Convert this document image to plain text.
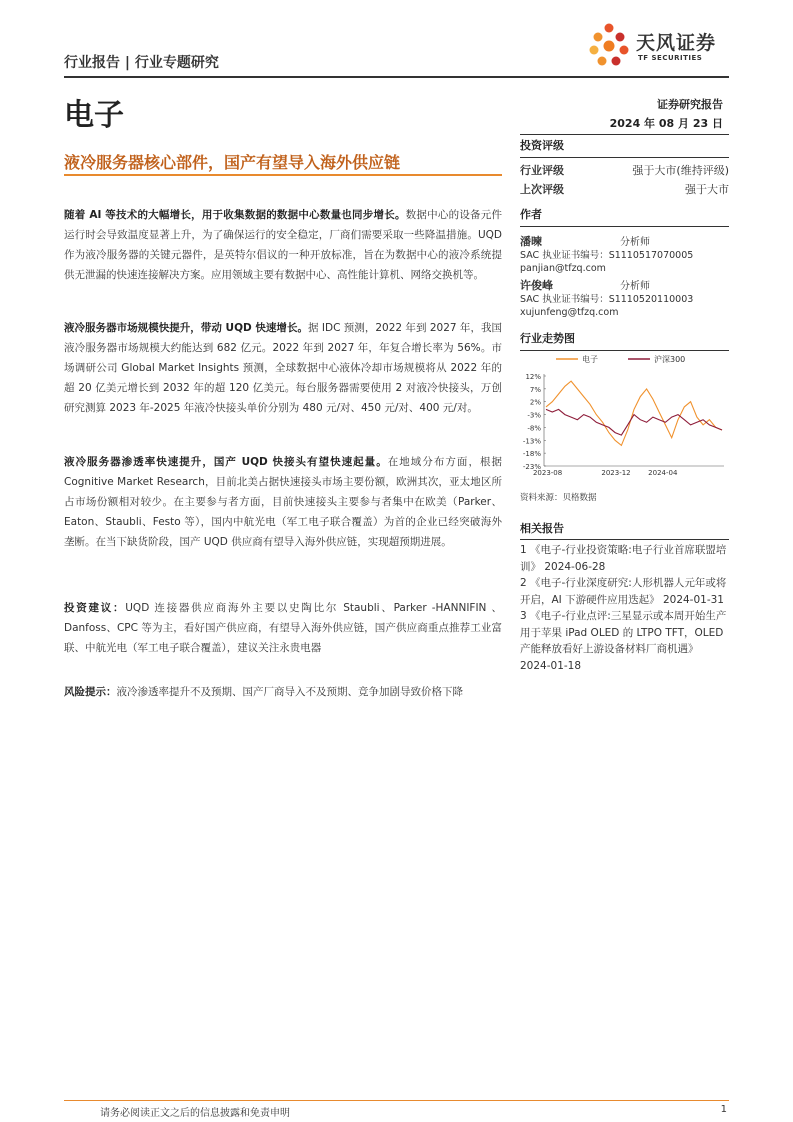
行业报告 | 行业专题研究
天风证券
TF SECURITIES
电子	证券研究报告
2024 年 08 月 23 日
液冷服务器核心部件，国产有望导入海外供应链
投资评级
行业评级	强于大市(维持评级)
上次评级	强于大市
作者
潘暕	分析师
SAC 执业证书编号：S1110517070005
panjian@tfzq.com
许俊峰	分析师
SAC 执业证书编号：S1110520110003
xujunfeng@tfzq.com
行业走势图
电子	沪深300
12%
7%
2%
-3%
-8%
-13%
-18%
-23%
2023-08	2023-12	2024-04
资料来源：贝格数据
相关报告
1 《电子-行业投资策略:电子行业首席联盟培训》 2024-06-28
2 《电子-行业深度研究:人形机器人元年或将开启，AI 下游硬件应用迭起》 2024-01-31
3 《电子-行业点评:三星显示或本周开始生产用于苹果 iPad OLED 的 LTPO TFT，OLED 产能释放看好上游设备材料厂商机遇》 2024-01-18
随着 AI 等技术的大幅增长，用于收集数据的数据中心数量也同步增长。数据中心的设备元件运行时会导致温度显著上升，为了确保运行的安全稳定，厂商们需要采取一些降温措施。UQD 作为液冷服务器的关键元器件，是英特尔倡议的一种开放标准，旨在为数据中心的液冷系统提供无泄漏的快速连接解决方案。应用领域主要有数据中心、高性能计算机、网络交换机等。
液冷服务器市场规模快提升，带动 UQD 快速增长。据 IDC 预测，2022 年到 2027 年，我国液冷服务器市场规模大约能达到 682 亿元。2022 年到 2027 年，年复合增长率为 56%。市场调研公司 Global Market Insights 预测，全球数据中心液体冷却市场规模将从 2022 年的超 20 亿美元增长到 2032 年的超 120 亿美元。每台服务器需要使用 2 对液冷快接头，万创研究测算 2023 年-2025 年液冷快接头单价分别为 480 元/对、450 元/对、400 元/对。
液冷服务器渗透率快速提升，国产 UQD 快接头有望快速起量。在地域分布方面，根据 Cognitive Market Research，目前北美占据快速接头市场主要份额，欧洲其次，亚太地区所占市场份额相对较少。在主要参与者方面，目前快速接头主要参与者集中在欧美（Parker、Eaton、Staubli、Festo 等），国内中航光电（军工电子联合覆盖）为首的企业已经突破海外垄断。在当下缺货阶段，国产 UQD 供应商有望导入海外供应链，实现超预期进展。
投资建议：UQD 连接器供应商海外主要以史陶比尔 Staubli、Parker -HANNIFIN 、Danfoss、CPC 等为主，看好国产供应商，有望导入海外供应链，国产供应商重点推荐工业富联、中航光电（军工电子联合覆盖），建议关注永贵电器
风险提示：液冷渗透率提升不及预期、国产厂商导入不及预期、竞争加剧导致价格下降
请务必阅读正文之后的信息披露和免责申明	1
